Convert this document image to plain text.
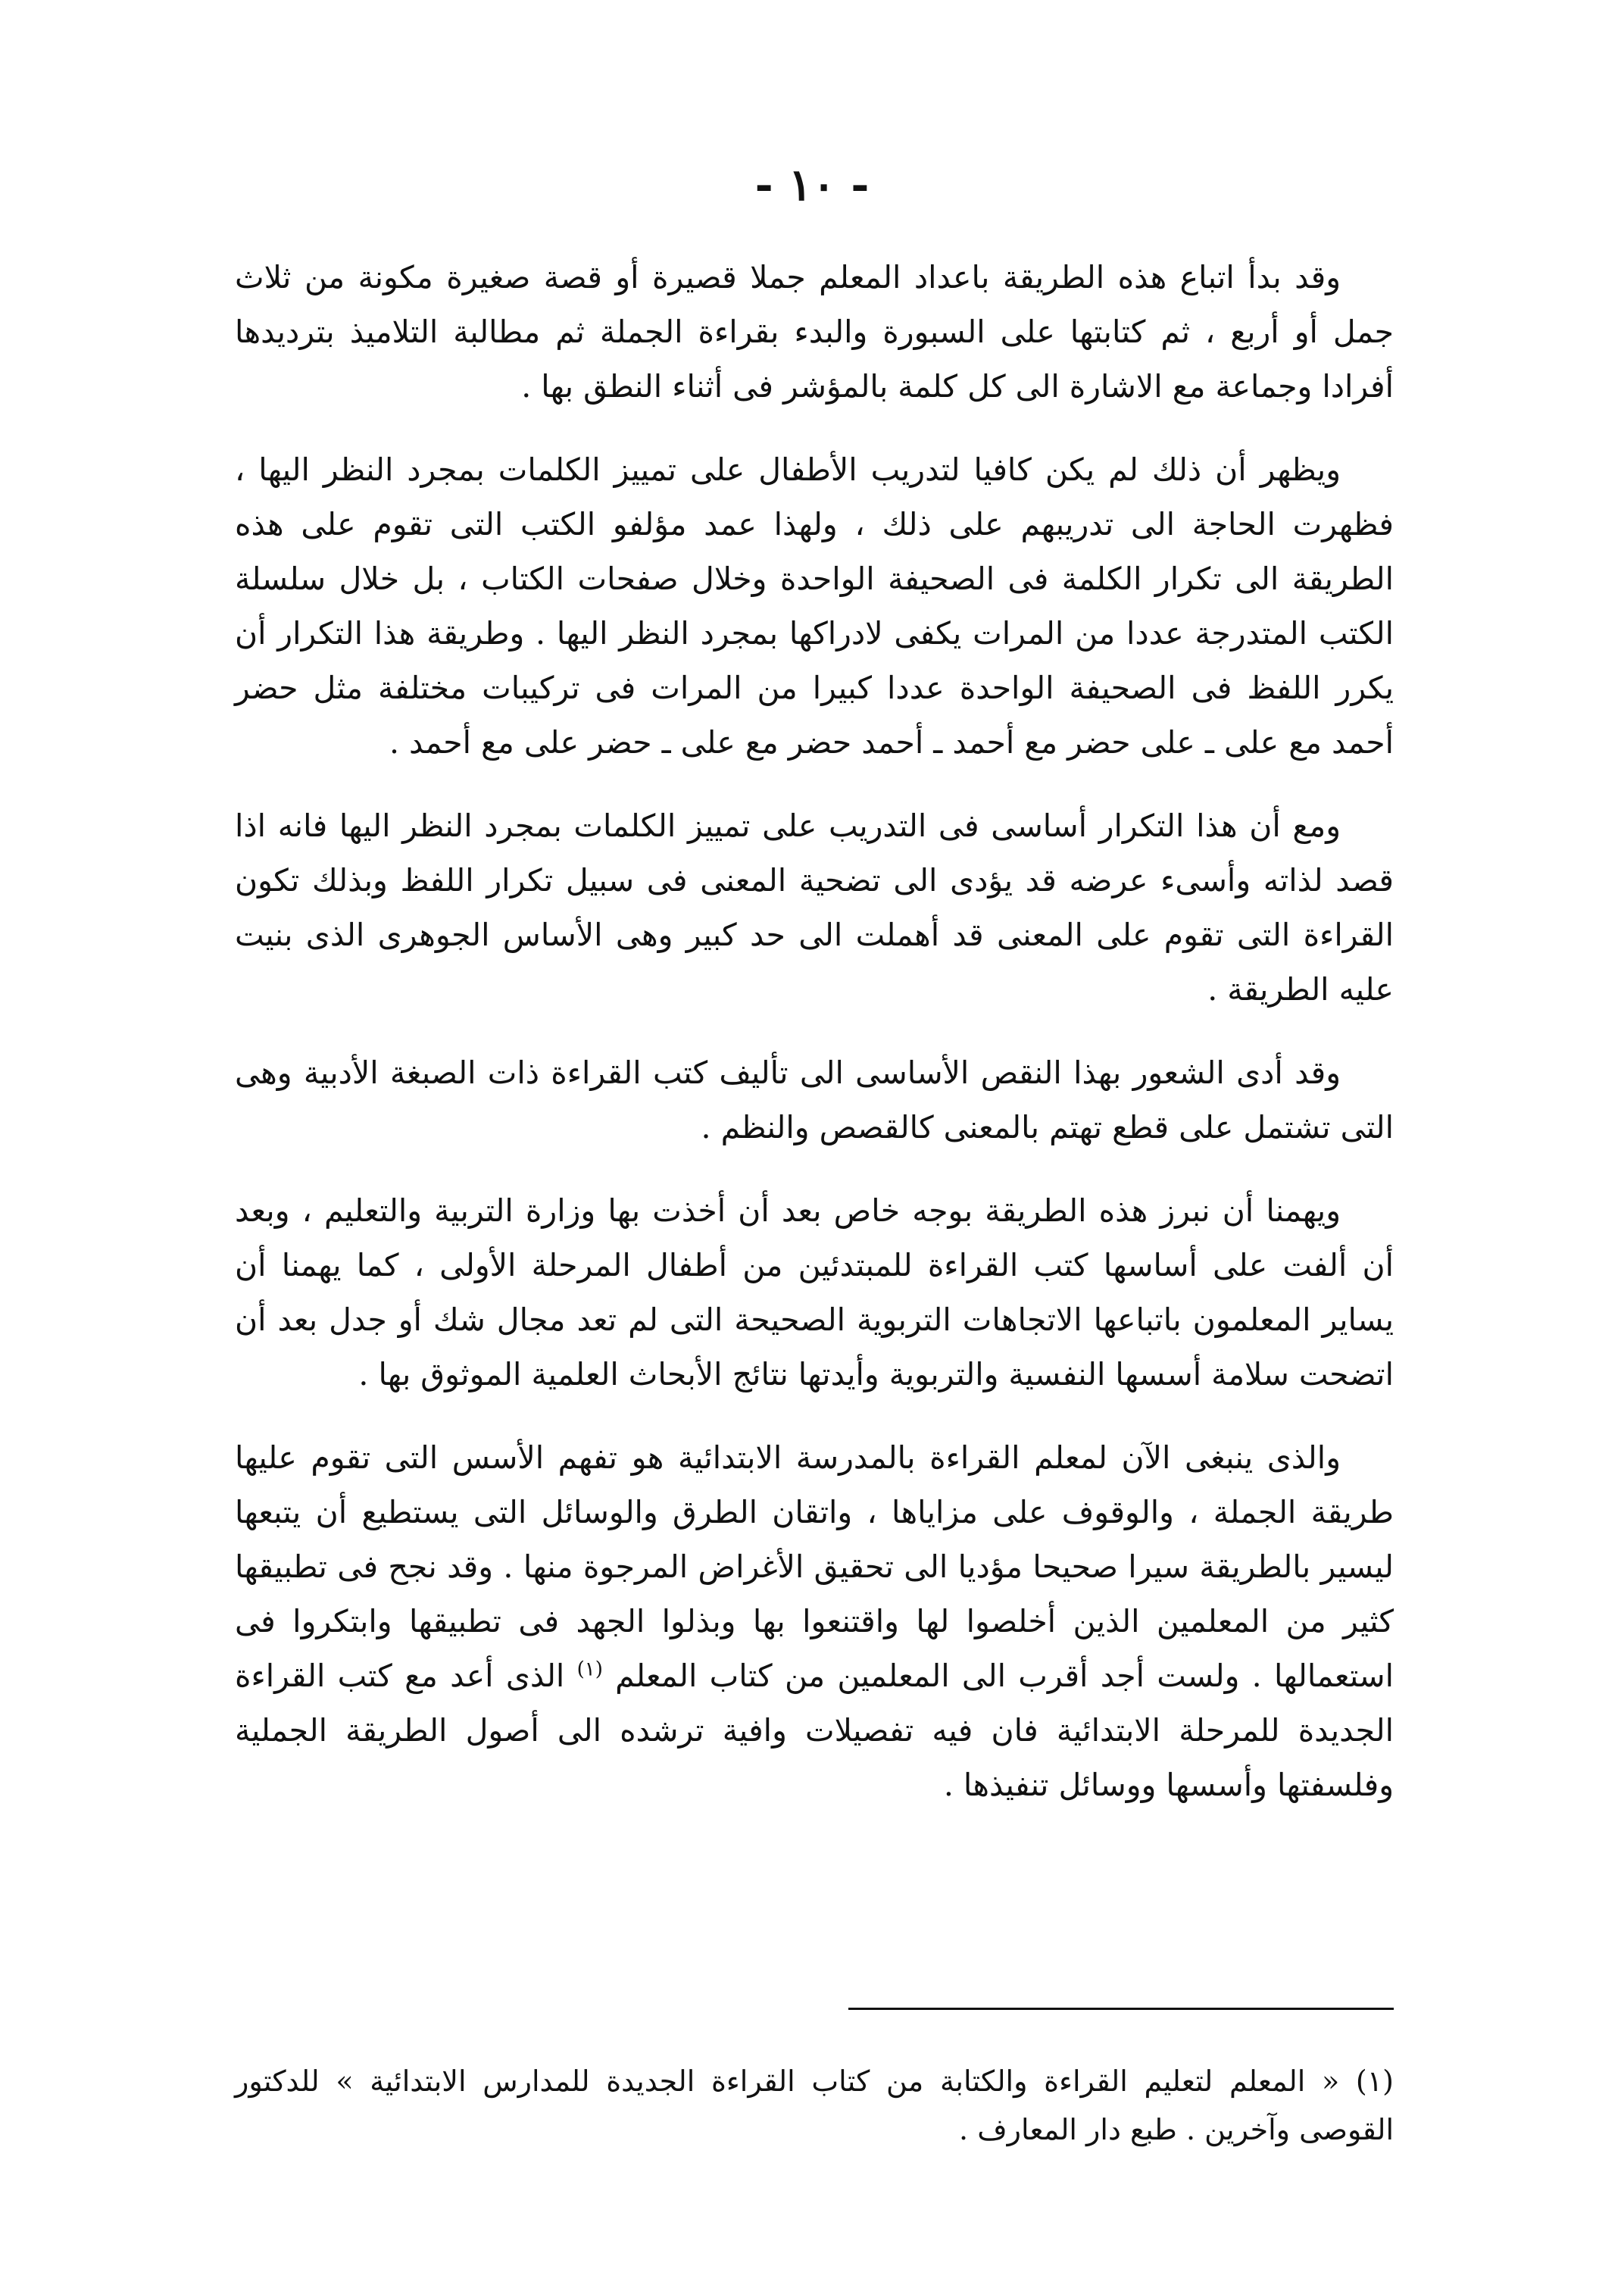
- ١٠ -

وقد بدأ اتباع هذه الطريقة باعداد المعلم جملا قصيرة أو قصة صغيرة مكونة من ثلاث جمل أو أربع ، ثم كتابتها على السبورة والبدء بقراءة الجملة ثم مطالبة التلاميذ بترديدها أفرادا وجماعة مع الاشارة الى كل كلمة بالمؤشر فى أثناء النطق بها .

ويظهر أن ذلك لم يكن كافيا لتدريب الأطفال على تمييز الكلمات بمجرد النظر اليها ، فظهرت الحاجة الى تدريبهم على ذلك ، ولهذا عمد مؤلفو الكتب التى تقوم على هذه الطريقة الى تكرار الكلمة فى الصحيفة الواحدة وخلال صفحات الكتاب ، بل خلال سلسلة الكتب المتدرجة عددا من المرات يكفى لادراكها بمجرد النظر اليها . وطريقة هذا التكرار أن يكرر اللفظ فى الصحيفة الواحدة عددا كبيرا من المرات فى تركيبات مختلفة مثل حضر أحمد مع على ـ على حضر مع أحمد ـ أحمد حضر مع على ـ حضر على مع أحمد .

ومع أن هذا التكرار أساسى فى التدريب على تمييز الكلمات بمجرد النظر اليها فانه اذا قصد لذاته وأسىء عرضه قد يؤدى الى تضحية المعنى فى سبيل تكرار اللفظ وبذلك تكون القراءة التى تقوم على المعنى قد أهملت الى حد كبير وهى الأساس الجوهرى الذى بنيت عليه الطريقة .

وقد أدى الشعور بهذا النقص الأساسى الى تأليف كتب القراءة ذات الصبغة الأدبية وهى التى تشتمل على قطع تهتم بالمعنى كالقصص والنظم .

ويهمنا أن نبرز هذه الطريقة بوجه خاص بعد أن أخذت بها وزارة التربية والتعليم ، وبعد أن ألفت على أساسها كتب القراءة للمبتدئين من أطفال المرحلة الأولى ، كما يهمنا أن يساير المعلمون باتباعها الاتجاهات التربوية الصحيحة التى لم تعد مجال شك أو جدل بعد أن اتضحت سلامة أسسها النفسية والتربوية وأيدتها نتائج الأبحاث العلمية الموثوق بها .

والذى ينبغى الآن لمعلم القراءة بالمدرسة الابتدائية هو تفهم الأسس التى تقوم عليها طريقة الجملة ، والوقوف على مزاياها ، واتقان الطرق والوسائل التى يستطيع أن يتبعها ليسير بالطريقة سيرا صحيحا مؤديا الى تحقيق الأغراض المرجوة منها . وقد نجح فى تطبيقها كثير من المعلمين الذين أخلصوا لها واقتنعوا بها وبذلوا الجهد فى تطبيقها وابتكروا فى استعمالها . ولست أجد أقرب الى المعلمين من كتاب المعلم $^{(١)}$ الذى أعد مع كتب القراءة الجديدة للمرحلة الابتدائية فان فيه تفصيلات وافية ترشده الى أصول الطريقة الجملية وفلسفتها وأسسها ووسائل تنفيذها .

(١) « المعلم لتعليم القراءة والكتابة من كتاب القراءة الجديدة للمدارس الابتدائية » للدكتور القوصى وآخرين . طبع دار المعارف .
